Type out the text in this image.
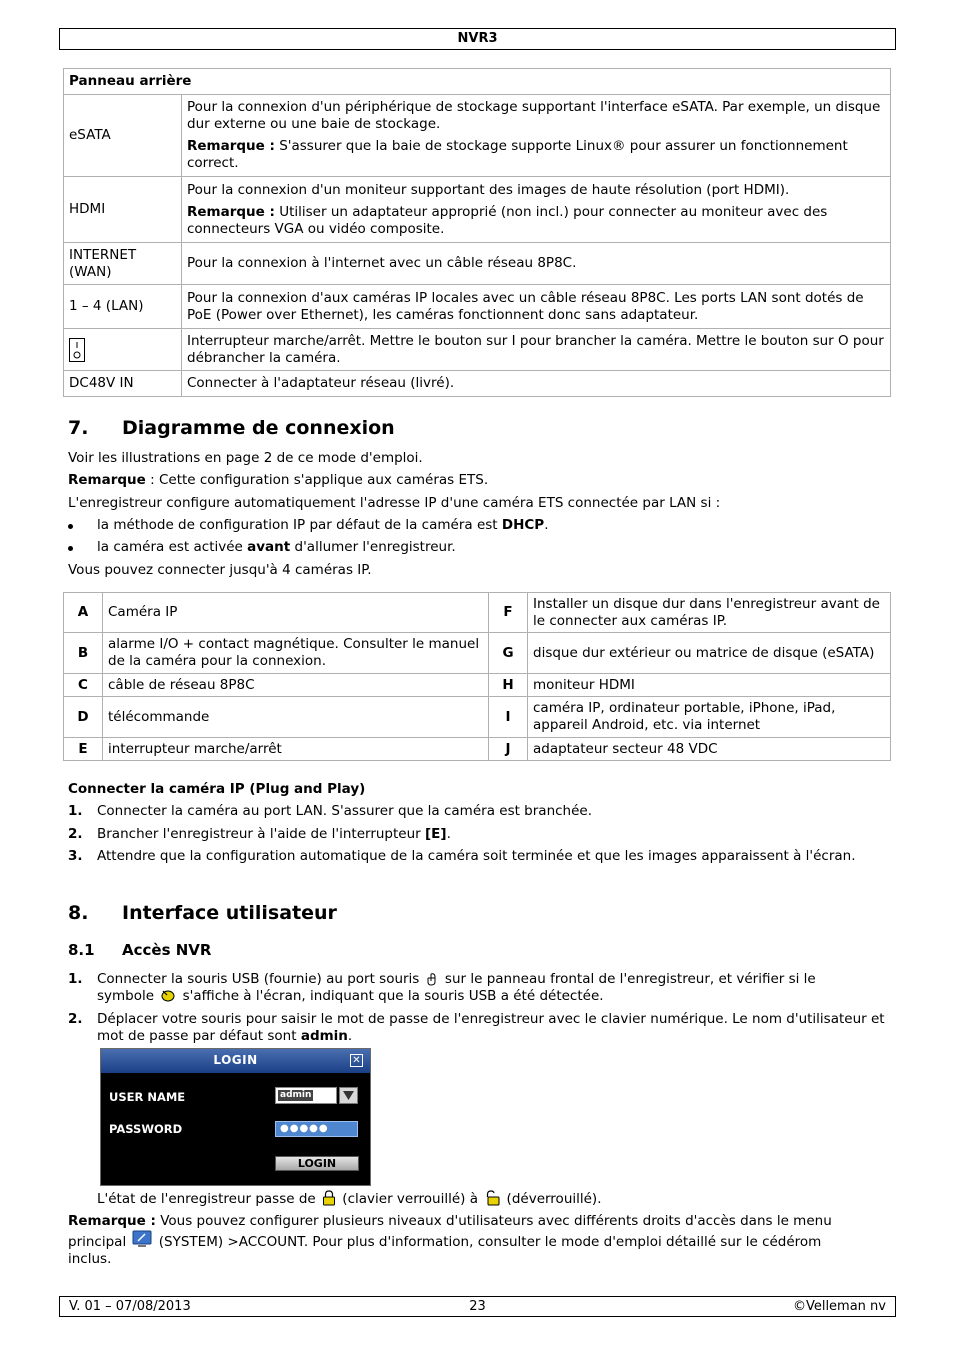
NVR3
Panneau arrière	
eSATA	Pour la connexion d'un périphérique de stockage supportant l'interface eSATA. Par exemple, un disque dur externe ou une baie de stockage.

Remarque : S'assurer que la baie de stockage supporte Linux® pour assurer un fonctionnement correct.

HDMI	Pour la connexion d'un moniteur supportant des images de haute résolution (port HDMI).

Remarque : Utiliser un adaptateur approprié (non incl.) pour connecter au moniteur avec des connecteurs VGA ou vidéo composite.

INTERNET (WAN)	Pour la connexion à l'internet avec un câble réseau 8P8C.
1 – 4 (LAN)	Pour la connexion d'aux caméras IP locales avec un câble réseau 8P8C. Les ports LAN sont dotés de PoE (Power over Ethernet), les caméras fonctionnent donc sans adaptateur.

	Interrupteur marche/arrêt. Mettre le bouton sur I pour brancher la caméra. Mettre le bouton sur O pour débrancher la caméra.
DC48V IN	Connecter à l'adaptateur réseau (livré).
7. Diagramme de connexion
Voir les illustrations en page 2 de ce mode d'emploi.
Remarque : Cette configuration s'applique aux caméras ETS.
L'enregistreur configure automatiquement l'adresse IP d'une caméra ETS connectée par LAN si :
la méthode de configuration IP par défaut de la caméra est DHCP.
la caméra est activée avant d'allumer l'enregistreur.
Vous pouvez connecter jusqu'à 4 caméras IP.
A	Caméra IP	F	Installer un disque dur dans l'enregistreur avant de le connecter aux caméras IP.
B	alarme I/O + contact magnétique. Consulter le manuel de la caméra pour la connexion.	G	disque dur extérieur ou matrice de disque (eSATA)
C	câble de réseau 8P8C	H	moniteur HDMI
D	télécommande	I	caméra IP, ordinateur portable, iPhone, iPad, appareil Android, etc. via internet
E	interrupteur marche/arrêt	J	adaptateur secteur 48 VDC
Connecter la caméra IP (Plug and Play)
1. Connecter la caméra au port LAN. S'assurer que la caméra est branchée.
2. Brancher l'enregistreur à l'aide de l'interrupteur [E].
3. Attendre que la configuration automatique de la caméra soit terminée et que les images apparaissent à l'écran.
8. Interface utilisateur
8.1 Accès NVR
1. Connecter la souris USB (fournie) au port souris  sur le panneau frontal de l'enregistreur, et vérifier si le
symbole  s'affiche à l'écran, indiquant que la souris USB a été détectée.
2. Déplacer votre souris pour saisir le mot de passe de l'enregistreur avec le clavier numérique. Le nom d'utilisateur et mot de passe par défaut sont admin.
LOGIN	✕
USER NAME	admin
PASSWORD	●●●●●
LOGIN
L'état de l'enregistreur passe de  (clavier verrouillé) à  (déverrouillé).
Remarque : Vous pouvez configurer plusieurs niveaux d'utilisateurs avec différents droits d'accès dans le menu
principal  (SYSTEM) >ACCOUNT. Pour plus d'information, consulter le mode d'emploi détaillé sur le cédérom
inclus.
V. 01 – 07/08/2013	23	©Velleman nv
